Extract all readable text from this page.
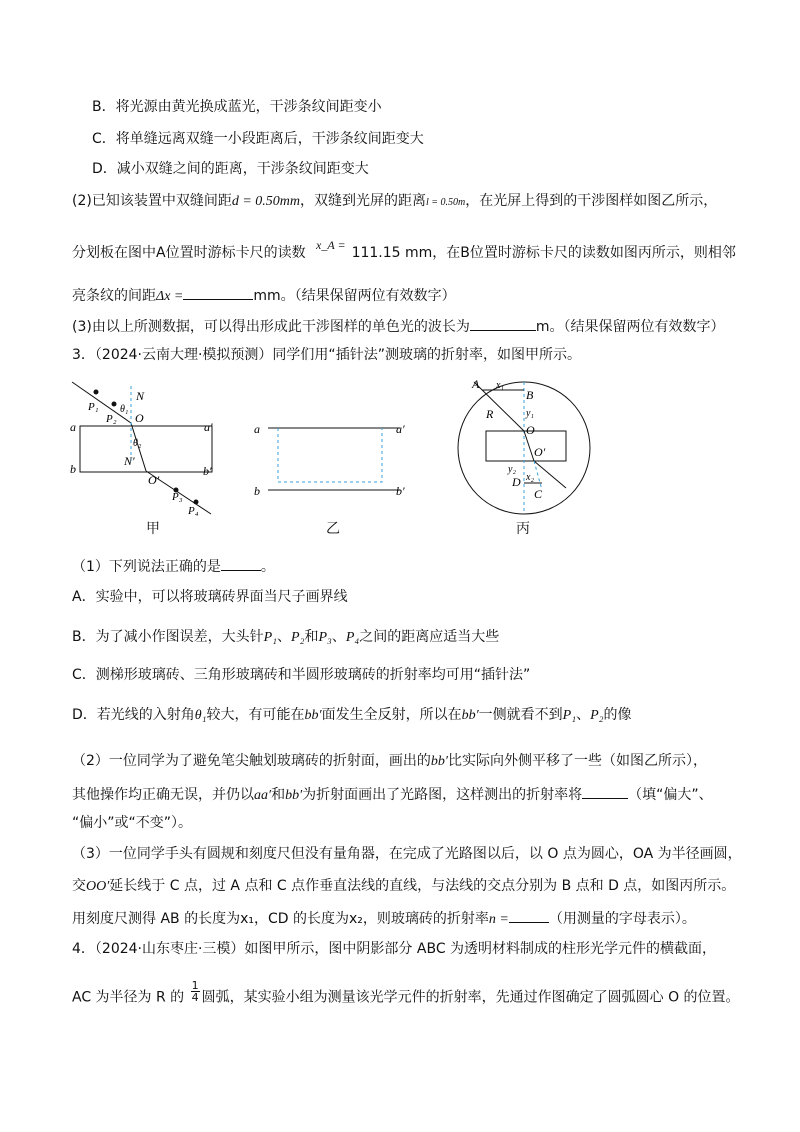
B．将光源由黄光换成蓝光，干涉条纹间距变小
C．将单缝远离双缝一小段距离后，干涉条纹间距变大
D．减小双缝之间的距离，干涉条纹间距变大
(2)已知该装置中双缝间距d = 0.50mm，双缝到光屏的距离l = 0.50m，在光屏上得到的干涉图样如图乙所示，
分划板在图中A位置时游标卡尺的读数 x_A = 111.15 mm，在B位置时游标卡尺的读数如图丙所示，则相邻
亮条纹的间距Δx =	mm。（结果保留两位有效数字）
(3)由以上所测数据，可以得出形成此干涉图样的单色光的波长为	m。（结果保留两位有效数字）
3．（2024·云南大理·模拟预测）同学们用“插针法”测玻璃的折射率，如图甲所示。
a	a′
b	b′
P₁
P₂
P₃
P₄
N
N′
O
O′
θ₁
θ₂
甲
a	a′
b	b′
乙
A
B
R
O
O′
C
D
x₁
y₁
x₂
y₂
丙
（1）下列说法正确的是	。
A．实验中，可以将玻璃砖界面当尺子画界线
B．为了减小作图误差，大头针P₁、P₂和P₃、P₄之间的距离应适当大些
C．测梯形玻璃砖、三角形玻璃砖和半圆形玻璃砖的折射率均可用“插针法”
D．若光线的入射角θ₁较大，有可能在bb′面发生全反射，所以在bb′一侧就看不到P₁、P₂的像
（2）一位同学为了避免笔尖触划玻璃砖的折射面，画出的bb′比实际向外侧平移了一些（如图乙所示），
其他操作均正确无误，并仍以aa′和bb′为折射面画出了光路图，这样测出的折射率将	（填“偏大”、
“偏小”或“不变”）。
（3）一位同学手头有圆规和刻度尺但没有量角器，在完成了光路图以后，以 O 点为圆心，OA 为半径画圆，
交OO′延长线于 C 点，过 A 点和 C 点作垂直法线的直线，与法线的交点分别为 B 点和 D 点，如图丙所示。
用刻度尺测得 AB 的长度为x₁，CD 的长度为x₂，则玻璃砖的折射率n =	（用测量的字母表示）。
4．（2024·山东枣庄·三模）如图甲所示，图中阴影部分 ABC 为透明材料制成的柱形光学元件的横截面，
AC 为半径为 R 的 $\frac{1}{4}$ 圆弧，某实验小组为测量该光学元件的折射率，先通过作图确定了圆弧圆心 O 的位置。
